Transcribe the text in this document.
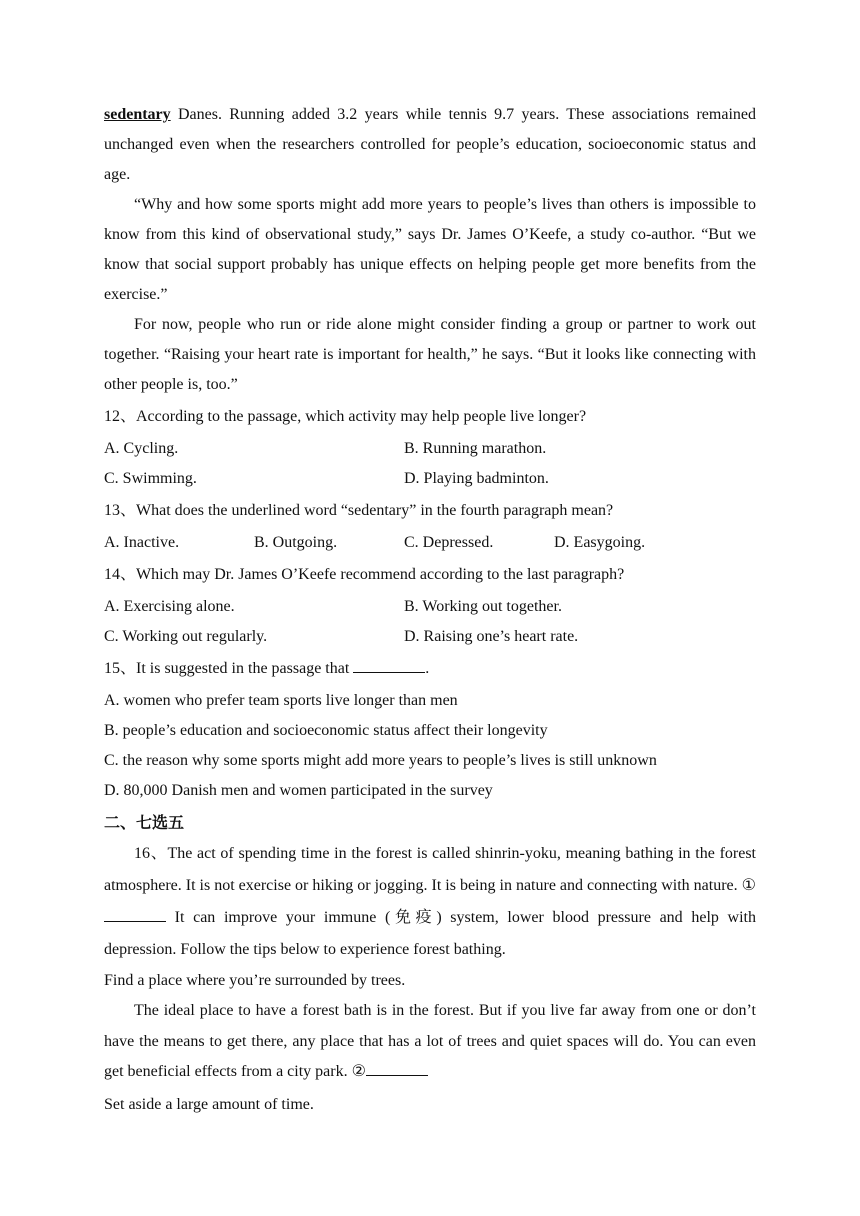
sedentary Danes. Running added 3.2 years while tennis 9.7 years. These associations remained unchanged even when the researchers controlled for people’s education, socioeconomic status and age.

“Why and how some sports might add more years to people’s lives than others is impossible to know from this kind of observational study,” says Dr. James O’Keefe, a study co-author. “But we know that social support probably has unique effects on helping people get more benefits from the exercise.”

For now, people who run or ride alone might consider finding a group or partner to work out together. “Raising your heart rate is important for health,” he says. “But it looks like connecting with other people is, too.”

12、According to the passage, which activity may help people live longer?
A. Cycling.	B. Running marathon.
C. Swimming.	D. Playing badminton.
13、What does the underlined word “sedentary” in the fourth paragraph mean?
A. Inactive.	B. Outgoing.	C. Depressed.	D. Easygoing.
14、Which may Dr. James O’Keefe recommend according to the last paragraph?
A. Exercising alone.	B. Working out together.
C. Working out regularly.	D. Raising one’s heart rate.
15、It is suggested in the passage that	.
A. women who prefer team sports live longer than men
B. people’s education and socioeconomic status affect their longevity
C. the reason why some sports might add more years to people’s lives is still unknown
D. 80,000 Danish men and women participated in the survey
二、七选五

16、The act of spending time in the forest is called shinrin-yoku, meaning bathing in the forest atmosphere. It is not exercise or hiking or jogging. It is being in nature and connecting with nature. ① It can improve your immune (免疫) system, lower blood pressure and help with depression. Follow the tips below to experience forest bathing.

Find a place where you’re surrounded by trees.

The ideal place to have a forest bath is in the forest. But if you live far away from one or don’t have the means to get there, any place that has a lot of trees and quiet spaces will do. You can even get beneficial effects from a city park. ②

Set aside a large amount of time.
